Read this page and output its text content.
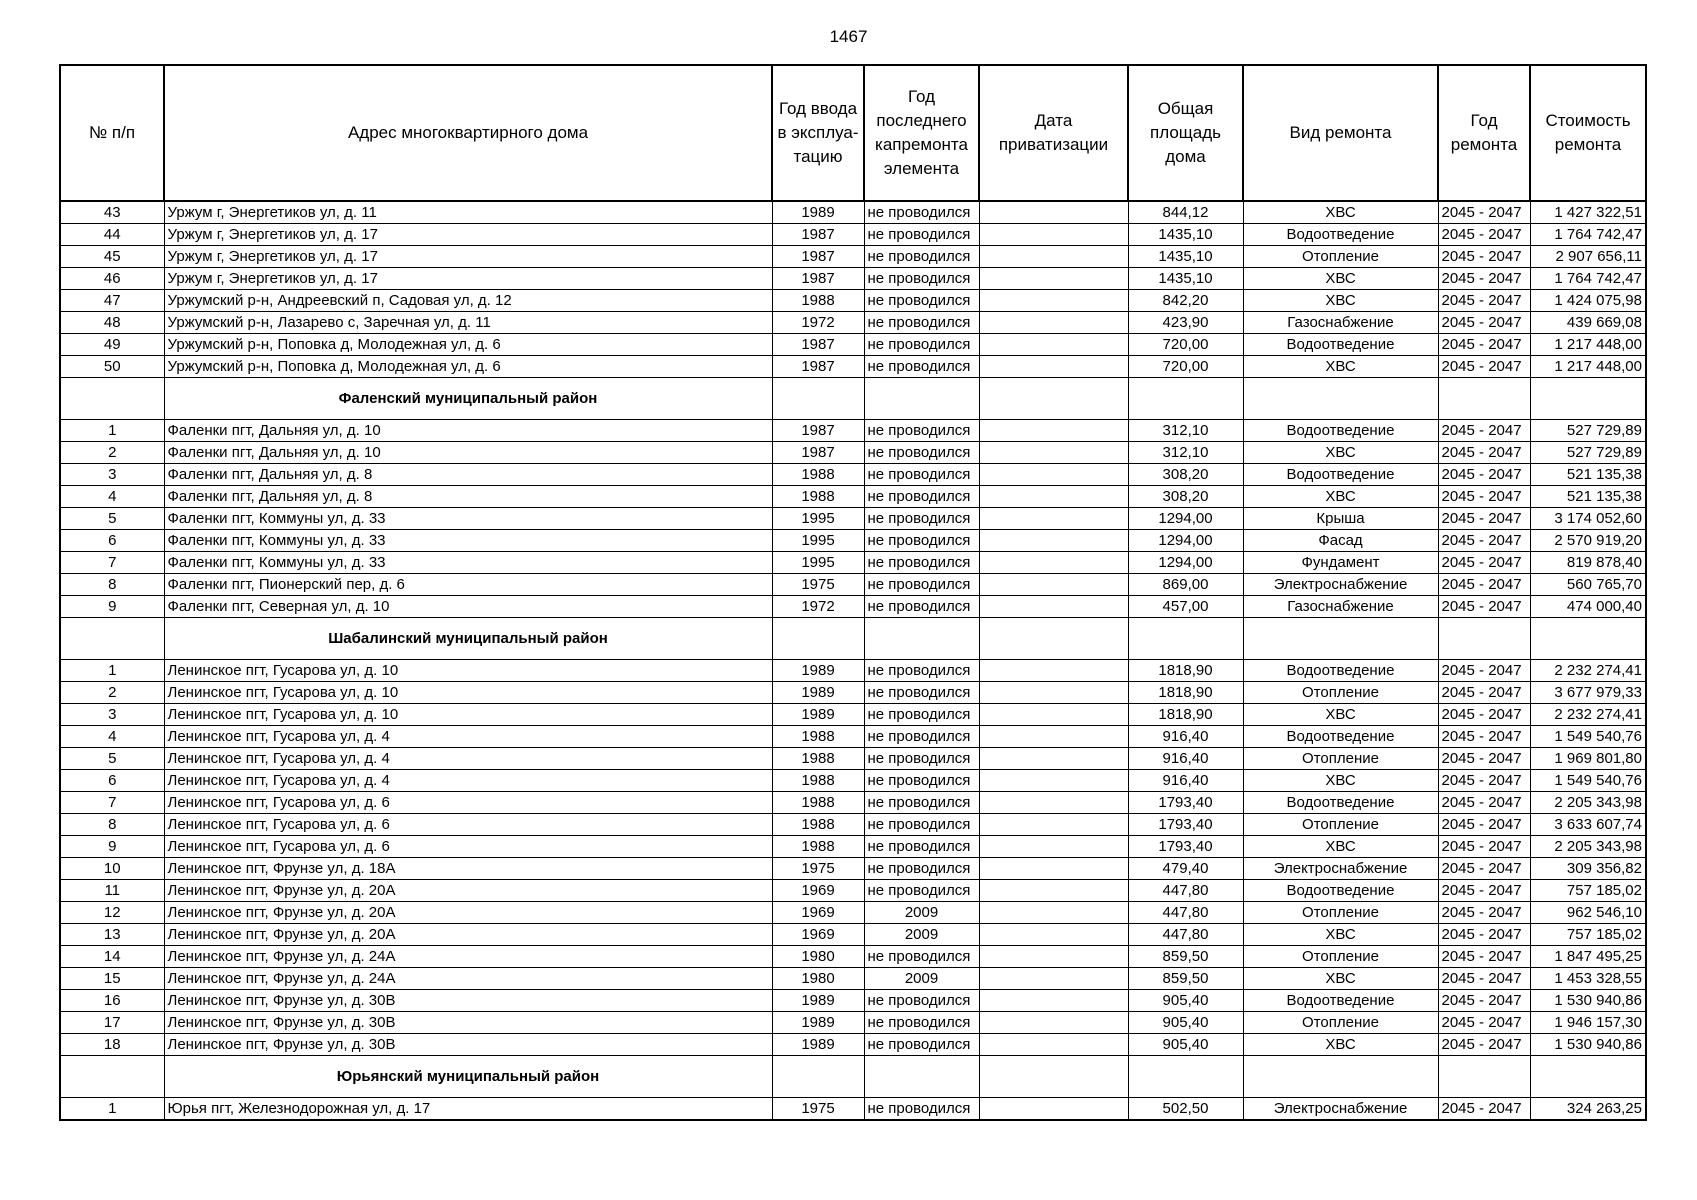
1467
№ п/п	Адрес многоквартирного дома	Год ввода в эксплуа-тацию	Год последнего капремонта элемента	Дата приватизации	Общая площадь дома	Вид ремонта	Год ремонта	Стоимость ремонта
43	Уржум г, Энергетиков ул, д. 11	1989	не проводился		844,12	ХВС	2045 - 2047	1 427 322,51
44	Уржум г, Энергетиков ул, д. 17	1987	не проводился		1435,10	Водоотведение	2045 - 2047	1 764 742,47
45	Уржум г, Энергетиков ул, д. 17	1987	не проводился		1435,10	Отопление	2045 - 2047	2 907 656,11
46	Уржум г, Энергетиков ул, д. 17	1987	не проводился		1435,10	ХВС	2045 - 2047	1 764 742,47
47	Уржумский р-н, Андреевский п, Садовая ул, д. 12	1988	не проводился		842,20	ХВС	2045 - 2047	1 424 075,98
48	Уржумский р-н, Лазарево с, Заречная ул, д. 11	1972	не проводился		423,90	Газоснабжение	2045 - 2047	439 669,08
49	Уржумский р-н, Поповка д, Молодежная ул, д. 6	1987	не проводился		720,00	Водоотведение	2045 - 2047	1 217 448,00
50	Уржумский р-н, Поповка д, Молодежная ул, д. 6	1987	не проводился		720,00	ХВС	2045 - 2047	1 217 448,00
	Фаленский муниципальный район							
1	Фаленки пгт, Дальняя ул, д. 10	1987	не проводился		312,10	Водоотведение	2045 - 2047	527 729,89
2	Фаленки пгт, Дальняя ул, д. 10	1987	не проводился		312,10	ХВС	2045 - 2047	527 729,89
3	Фаленки пгт, Дальняя ул, д. 8	1988	не проводился		308,20	Водоотведение	2045 - 2047	521 135,38
4	Фаленки пгт, Дальняя ул, д. 8	1988	не проводился		308,20	ХВС	2045 - 2047	521 135,38
5	Фаленки пгт, Коммуны ул, д. 33	1995	не проводился		1294,00	Крыша	2045 - 2047	3 174 052,60
6	Фаленки пгт, Коммуны ул, д. 33	1995	не проводился		1294,00	Фасад	2045 - 2047	2 570 919,20
7	Фаленки пгт, Коммуны ул, д. 33	1995	не проводился		1294,00	Фундамент	2045 - 2047	819 878,40
8	Фаленки пгт, Пионерский пер, д. 6	1975	не проводился		869,00	Электроснабжение	2045 - 2047	560 765,70
9	Фаленки пгт, Северная ул, д. 10	1972	не проводился		457,00	Газоснабжение	2045 - 2047	474 000,40
	Шабалинский муниципальный район							
1	Ленинское пгт, Гусарова ул, д. 10	1989	не проводился		1818,90	Водоотведение	2045 - 2047	2 232 274,41
2	Ленинское пгт, Гусарова ул, д. 10	1989	не проводился		1818,90	Отопление	2045 - 2047	3 677 979,33
3	Ленинское пгт, Гусарова ул, д. 10	1989	не проводился		1818,90	ХВС	2045 - 2047	2 232 274,41
4	Ленинское пгт, Гусарова ул, д. 4	1988	не проводился		916,40	Водоотведение	2045 - 2047	1 549 540,76
5	Ленинское пгт, Гусарова ул, д. 4	1988	не проводился		916,40	Отопление	2045 - 2047	1 969 801,80
6	Ленинское пгт, Гусарова ул, д. 4	1988	не проводился		916,40	ХВС	2045 - 2047	1 549 540,76
7	Ленинское пгт, Гусарова ул, д. 6	1988	не проводился		1793,40	Водоотведение	2045 - 2047	2 205 343,98
8	Ленинское пгт, Гусарова ул, д. 6	1988	не проводился		1793,40	Отопление	2045 - 2047	3 633 607,74
9	Ленинское пгт, Гусарова ул, д. 6	1988	не проводился		1793,40	ХВС	2045 - 2047	2 205 343,98
10	Ленинское пгт, Фрунзе ул, д. 18А	1975	не проводился		479,40	Электроснабжение	2045 - 2047	309 356,82
11	Ленинское пгт, Фрунзе ул, д. 20А	1969	не проводился		447,80	Водоотведение	2045 - 2047	757 185,02
12	Ленинское пгт, Фрунзе ул, д. 20А	1969	2009		447,80	Отопление	2045 - 2047	962 546,10
13	Ленинское пгт, Фрунзе ул, д. 20А	1969	2009		447,80	ХВС	2045 - 2047	757 185,02
14	Ленинское пгт, Фрунзе ул, д. 24А	1980	не проводился		859,50	Отопление	2045 - 2047	1 847 495,25
15	Ленинское пгт, Фрунзе ул, д. 24А	1980	2009		859,50	ХВС	2045 - 2047	1 453 328,55
16	Ленинское пгт, Фрунзе ул, д. 30В	1989	не проводился		905,40	Водоотведение	2045 - 2047	1 530 940,86
17	Ленинское пгт, Фрунзе ул, д. 30В	1989	не проводился		905,40	Отопление	2045 - 2047	1 946 157,30
18	Ленинское пгт, Фрунзе ул, д. 30В	1989	не проводился		905,40	ХВС	2045 - 2047	1 530 940,86
	Юрьянский муниципальный район							
1	Юрья пгт, Железнодорожная ул, д. 17	1975	не проводился		502,50	Электроснабжение	2045 - 2047	324 263,25
